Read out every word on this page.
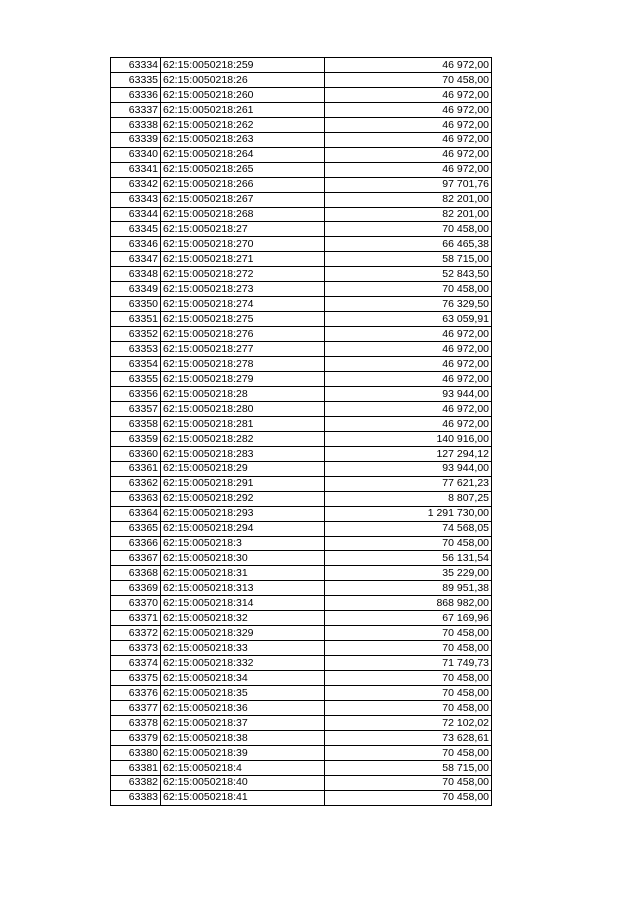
63334	62:15:0050218:259	46 972,00
63335	62:15:0050218:26	70 458,00
63336	62:15:0050218:260	46 972,00
63337	62:15:0050218:261	46 972,00
63338	62:15:0050218:262	46 972,00
63339	62:15:0050218:263	46 972,00
63340	62:15:0050218:264	46 972,00
63341	62:15:0050218:265	46 972,00
63342	62:15:0050218:266	97 701,76
63343	62:15:0050218:267	82 201,00
63344	62:15:0050218:268	82 201,00
63345	62:15:0050218:27	70 458,00
63346	62:15:0050218:270	66 465,38
63347	62:15:0050218:271	58 715,00
63348	62:15:0050218:272	52 843,50
63349	62:15:0050218:273	70 458,00
63350	62:15:0050218:274	76 329,50
63351	62:15:0050218:275	63 059,91
63352	62:15:0050218:276	46 972,00
63353	62:15:0050218:277	46 972,00
63354	62:15:0050218:278	46 972,00
63355	62:15:0050218:279	46 972,00
63356	62:15:0050218:28	93 944,00
63357	62:15:0050218:280	46 972,00
63358	62:15:0050218:281	46 972,00
63359	62:15:0050218:282	140 916,00
63360	62:15:0050218:283	127 294,12
63361	62:15:0050218:29	93 944,00
63362	62:15:0050218:291	77 621,23
63363	62:15:0050218:292	8 807,25
63364	62:15:0050218:293	1 291 730,00
63365	62:15:0050218:294	74 568,05
63366	62:15:0050218:3	70 458,00
63367	62:15:0050218:30	56 131,54
63368	62:15:0050218:31	35 229,00
63369	62:15:0050218:313	89 951,38
63370	62:15:0050218:314	868 982,00
63371	62:15:0050218:32	67 169,96
63372	62:15:0050218:329	70 458,00
63373	62:15:0050218:33	70 458,00
63374	62:15:0050218:332	71 749,73
63375	62:15:0050218:34	70 458,00
63376	62:15:0050218:35	70 458,00
63377	62:15:0050218:36	70 458,00
63378	62:15:0050218:37	72 102,02
63379	62:15:0050218:38	73 628,61
63380	62:15:0050218:39	70 458,00
63381	62:15:0050218:4	58 715,00
63382	62:15:0050218:40	70 458,00
63383	62:15:0050218:41	70 458,00
